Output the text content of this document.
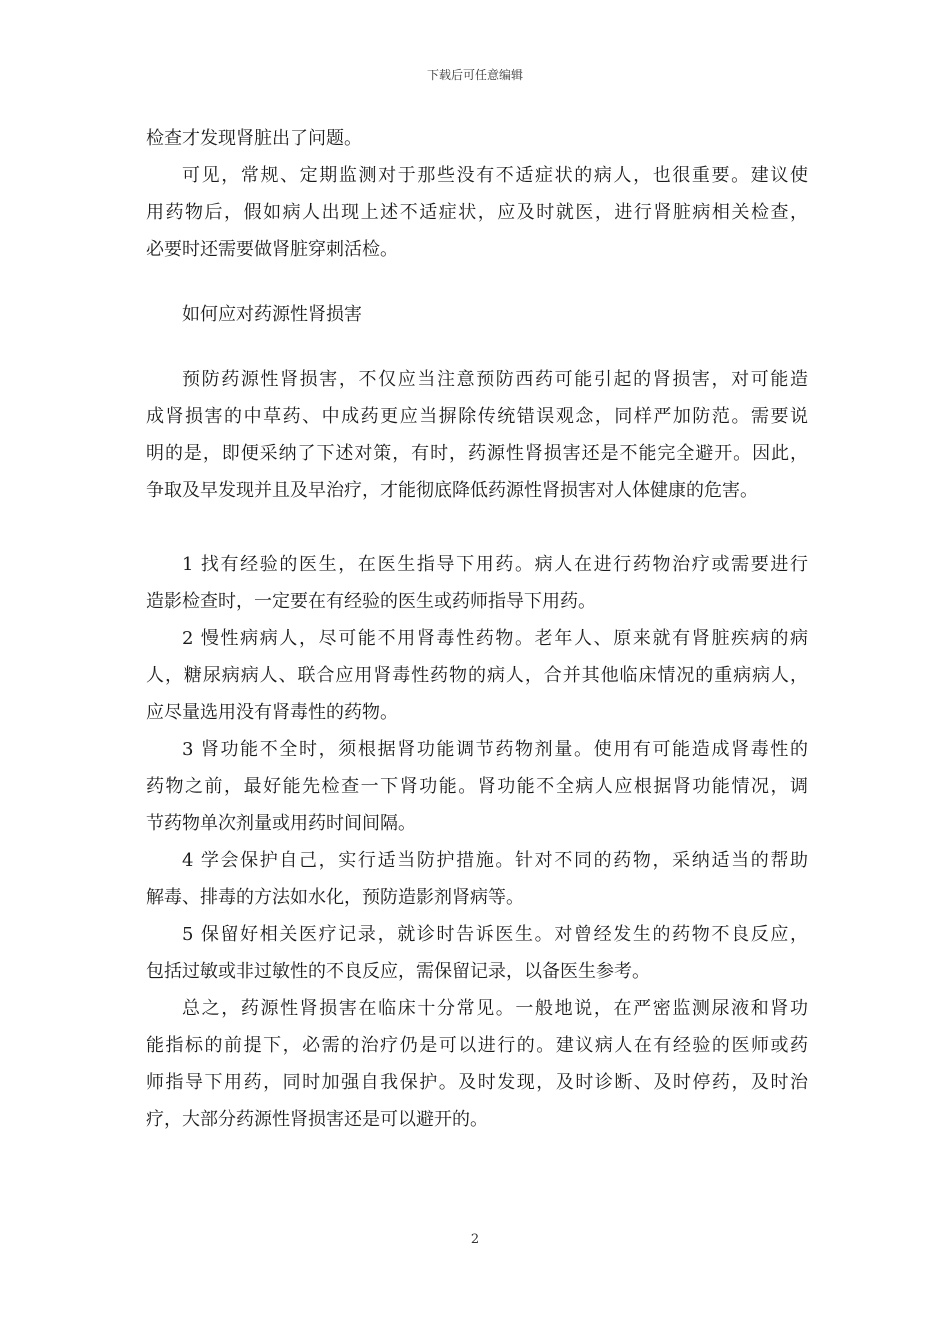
下载后可任意编辑
检查才发现肾脏出了问题。
可见，常规、定期监测对于那些没有不适症状的病人，也很重要。建议使
用药物后，假如病人出现上述不适症状，应及时就医，进行肾脏病相关检查，
必要时还需要做肾脏穿刺活检。
如何应对药源性肾损害
预防药源性肾损害，不仅应当注意预防西药可能引起的肾损害，对可能造
成肾损害的中草药、中成药更应当摒除传统错误观念，同样严加防范。需要说
明的是，即便采纳了下述对策，有时，药源性肾损害还是不能完全避开。因此，
争取及早发现并且及早治疗，才能彻底降低药源性肾损害对人体健康的危害。
1 找有经验的医生，在医生指导下用药。病人在进行药物治疗或需要进行
造影检查时，一定要在有经验的医生或药师指导下用药。
2 慢性病病人，尽可能不用肾毒性药物。老年人、原来就有肾脏疾病的病
人，糖尿病病人、联合应用肾毒性药物的病人，合并其他临床情况的重病病人，
应尽量选用没有肾毒性的药物。
3 肾功能不全时，须根据肾功能调节药物剂量。使用有可能造成肾毒性的
药物之前，最好能先检查一下肾功能。肾功能不全病人应根据肾功能情况，调
节药物单次剂量或用药时间间隔。
4 学会保护自己，实行适当防护措施。针对不同的药物，采纳适当的帮助
解毒、排毒的方法如水化，预防造影剂肾病等。
5 保留好相关医疗记录，就诊时告诉医生。对曾经发生的药物不良反应，
包括过敏或非过敏性的不良反应，需保留记录，以备医生参考。
总之，药源性肾损害在临床十分常见。一般地说，在严密监测尿液和肾功
能指标的前提下，必需的治疗仍是可以进行的。建议病人在有经验的医师或药
师指导下用药，同时加强自我保护。及时发现，及时诊断、及时停药，及时治
疗，大部分药源性肾损害还是可以避开的。
2
